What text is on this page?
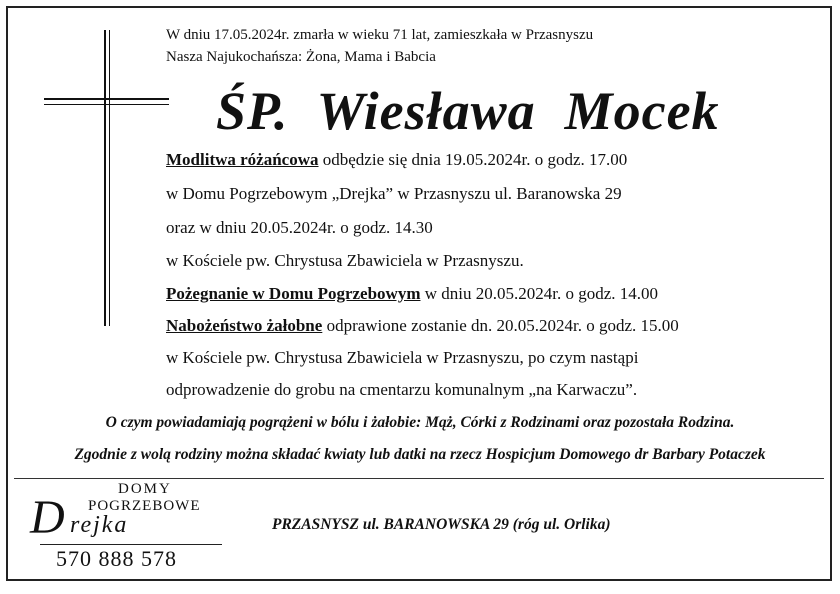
W dniu 17.05.2024r. zmarła w wieku 71 lat, zamieszkała w Przasnyszu
Nasza Najukochańsza: Żona, Mama i Babcia
ŚP.  Wiesława  Mocek
Modlitwa różańcowa odbędzie się dnia 19.05.2024r. o godz. 17.00
w Domu Pogrzebowym „Drejka” w Przasnyszu ul. Baranowska 29
oraz w dniu 20.05.2024r. o godz. 14.30
w Kościele pw. Chrystusa Zbawiciela w Przasnyszu.
Pożegnanie w Domu Pogrzebowym w dniu 20.05.2024r. o godz. 14.00
Nabożeństwo żałobne odprawione zostanie dn. 20.05.2024r. o godz. 15.00
w Kościele pw. Chrystusa Zbawiciela w Przasnyszu, po czym nastąpi
odprowadzenie do grobu na cmentarzu komunalnym „na Karwaczu”.
O czym powiadamiają pogrążeni w bólu i żałobie: Mąż, Córki z Rodzinami oraz pozostała Rodzina.
Zgodnie z wolą rodziny można składać kwiaty lub datki na rzecz Hospicjum Domowego dr Barbary Potaczek
DOMY
POGRZEBOWE
D rejka
570 888 578
PRZASNYSZ ul. BARANOWSKA 29 (róg ul. Orlika)
